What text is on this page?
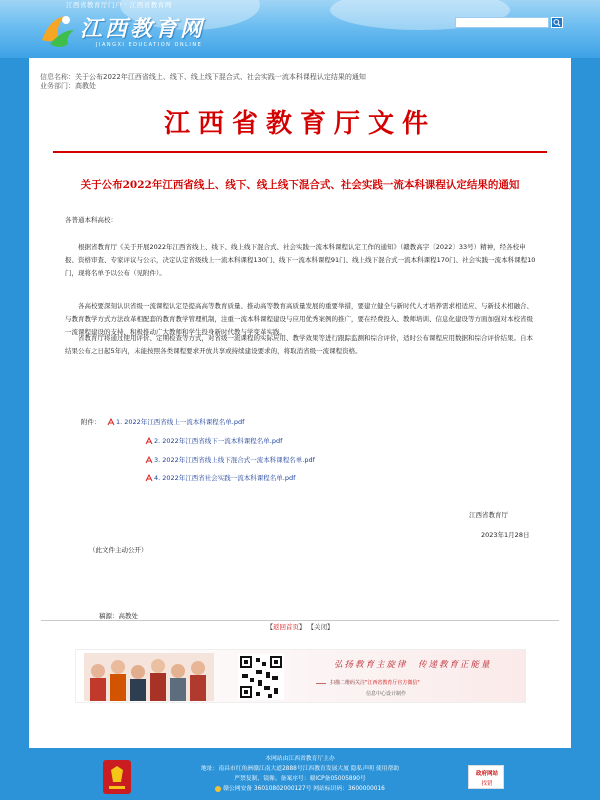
江西省教育厅门户 · 江西省教育网
江西教育网
JIANGXI EDUCATION ONLINE
信息名称：关于公布2022年江西省线上、线下、线上线下混合式、社会实践一流本科课程认定结果的通知
业务部门：高教处
江西省教育厅文件
关于公布2022年江西省线上、线下、线上线下混合式、社会实践一流本科课程认定结果的通知
各普通本科高校：
根据省教育厅《关于开展2022年江西省线上、线下、线上线下混合式、社会实践一流本科课程认定工作的通知》（赣教高字〔2022〕33号）精神，经各校申报、资格审查、专家评议与公示，决定认定省级线上一流本科课程130门、线下一流本科课程91门、线上线下混合式一流本科课程170门、社会实践一流本科课程10门，现将名单予以公布（见附件）。
各高校要深刻认识省级一流课程认定是提高高等教育质量、推动高等教育高质量发展的重要举措，要建立健全与新时代人才培养需求相适应、与新技术相融合、与教育教学方式方法改革相配套的教育教学管理机制，注重一流本科课程建设与应用优秀案例的推广，要在经费投入、教师培训、信息化建设等方面加强对本校省级一流课程建设的支持，积极推动广大教师和学生投身新时代教与学变革实践。
省教育厅将通过使用评价、定期检查等方式，对省级一流课程的实际应用、教学效果等进行跟踪监测和综合评价，适时公布课程应用数据和综合评价结果。自本结果公布之日起5年内，未能按照各类课程要求开放共享或持续建设要求的，将取消省级一流课程资格。
附件：	1. 2022年江西省线上一流本科课程名单.pdf
2. 2022年江西省线下一流本科课程名单.pdf
3. 2022年江西省线上线下混合式一流本科课程名单.pdf
4. 2022年江西省社会实践一流本科课程名单.pdf
江西省教育厅
2023年1月28日
（此文件主动公开）
稿源：高教处
【返回首页】 【关闭】
弘扬教育主旋律　传递教育正能量
扫描二维码关注"江西省教育厅官方微信"
信息中心设计制作
本网站由江西省教育厅主办
地址：南昌市红角洲赣江南大道2888号江西教育发展大厦 隐私声明 使用帮助
严禁复制、镜像。备案序号：赣ICP备05005890号
赣公网安备 36010802000127号 网站标识码：3600000016
政府网站
找错
